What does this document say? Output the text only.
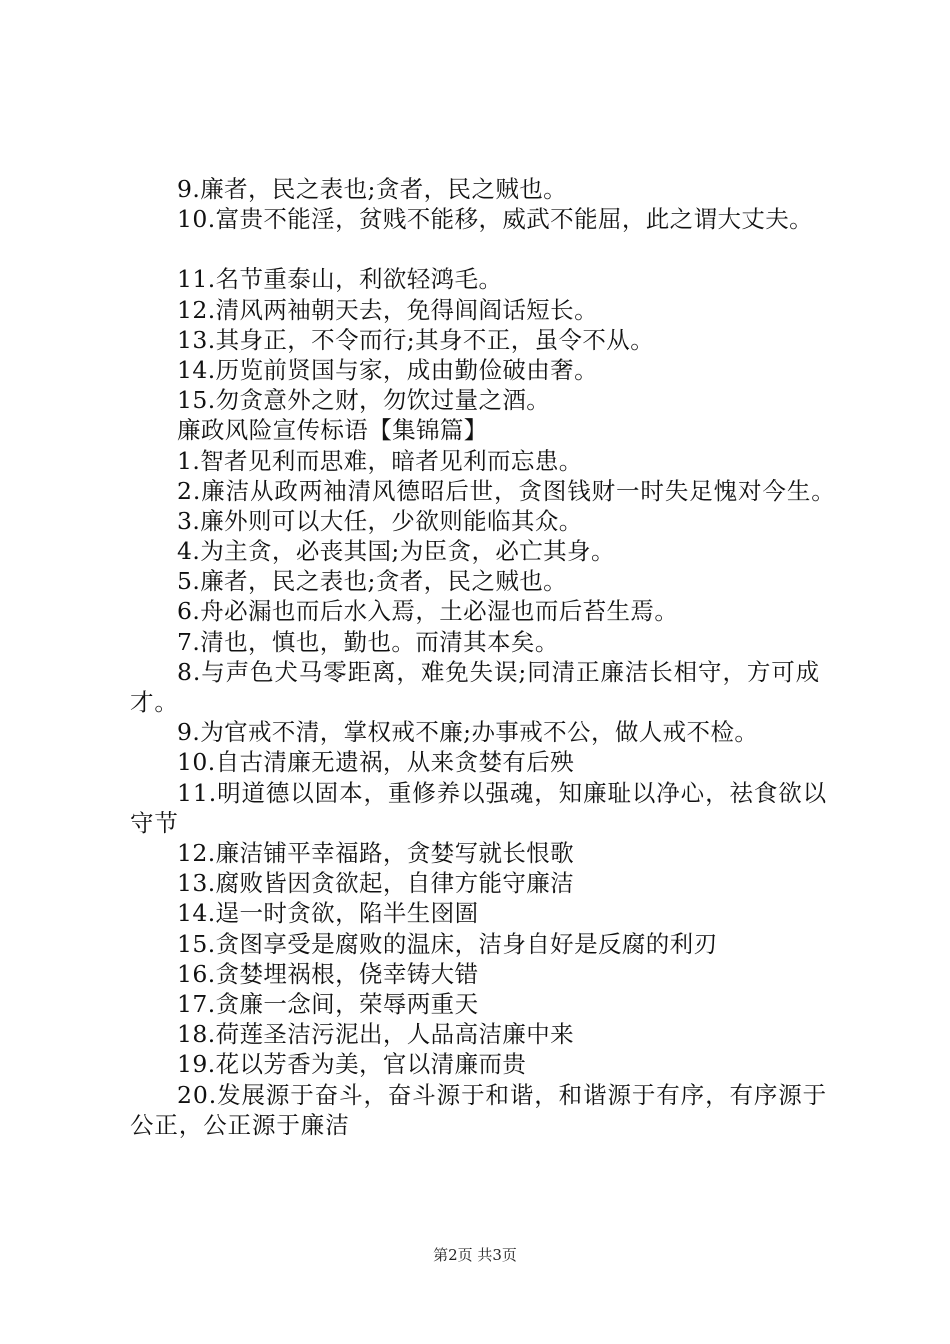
9.廉者，民之表也;贪者，民之贼也。
10.富贵不能淫，贫贱不能移，威武不能屈，此之谓大丈夫。
11.名节重泰山，利欲轻鸿毛。
12.清风两袖朝天去，免得闾阎话短长。
13.其身正，不令而行;其身不正，虽令不从。
14.历览前贤国与家，成由勤俭破由奢。
15.勿贪意外之财，勿饮过量之酒。
廉政风险宣传标语【集锦篇】
1.智者见利而思难，暗者见利而忘患。
2.廉洁从政两袖清风德昭后世，贪图钱财一时失足愧对今生。
3.廉外则可以大任，少欲则能临其众。
4.为主贪，必丧其国;为臣贪，必亡其身。
5.廉者，民之表也;贪者，民之贼也。
6.舟必漏也而后水入焉，土必湿也而后苔生焉。
7.清也，慎也，勤也。而清其本矣。
8.与声色犬马零距离，难免失误;同清正廉洁长相守，方可成才。
9.为官戒不清，掌权戒不廉;办事戒不公，做人戒不检。
10.自古清廉无遗祸，从来贪婪有后殃
11.明道德以固本，重修养以强魂，知廉耻以净心，祛食欲以守节
12.廉洁铺平幸福路，贪婪写就长恨歌
13.腐败皆因贪欲起，自律方能守廉洁
14.逞一时贪欲，陷半生囹圄
15.贪图享受是腐败的温床，洁身自好是反腐的利刃
16.贪婪埋祸根，侥幸铸大错
17.贪廉一念间，荣辱两重天
18.荷莲圣洁污泥出，人品高洁廉中来
19.花以芳香为美，官以清廉而贵
20.发展源于奋斗，奋斗源于和谐，和谐源于有序，有序源于公正，公正源于廉洁
第2页 共3页
